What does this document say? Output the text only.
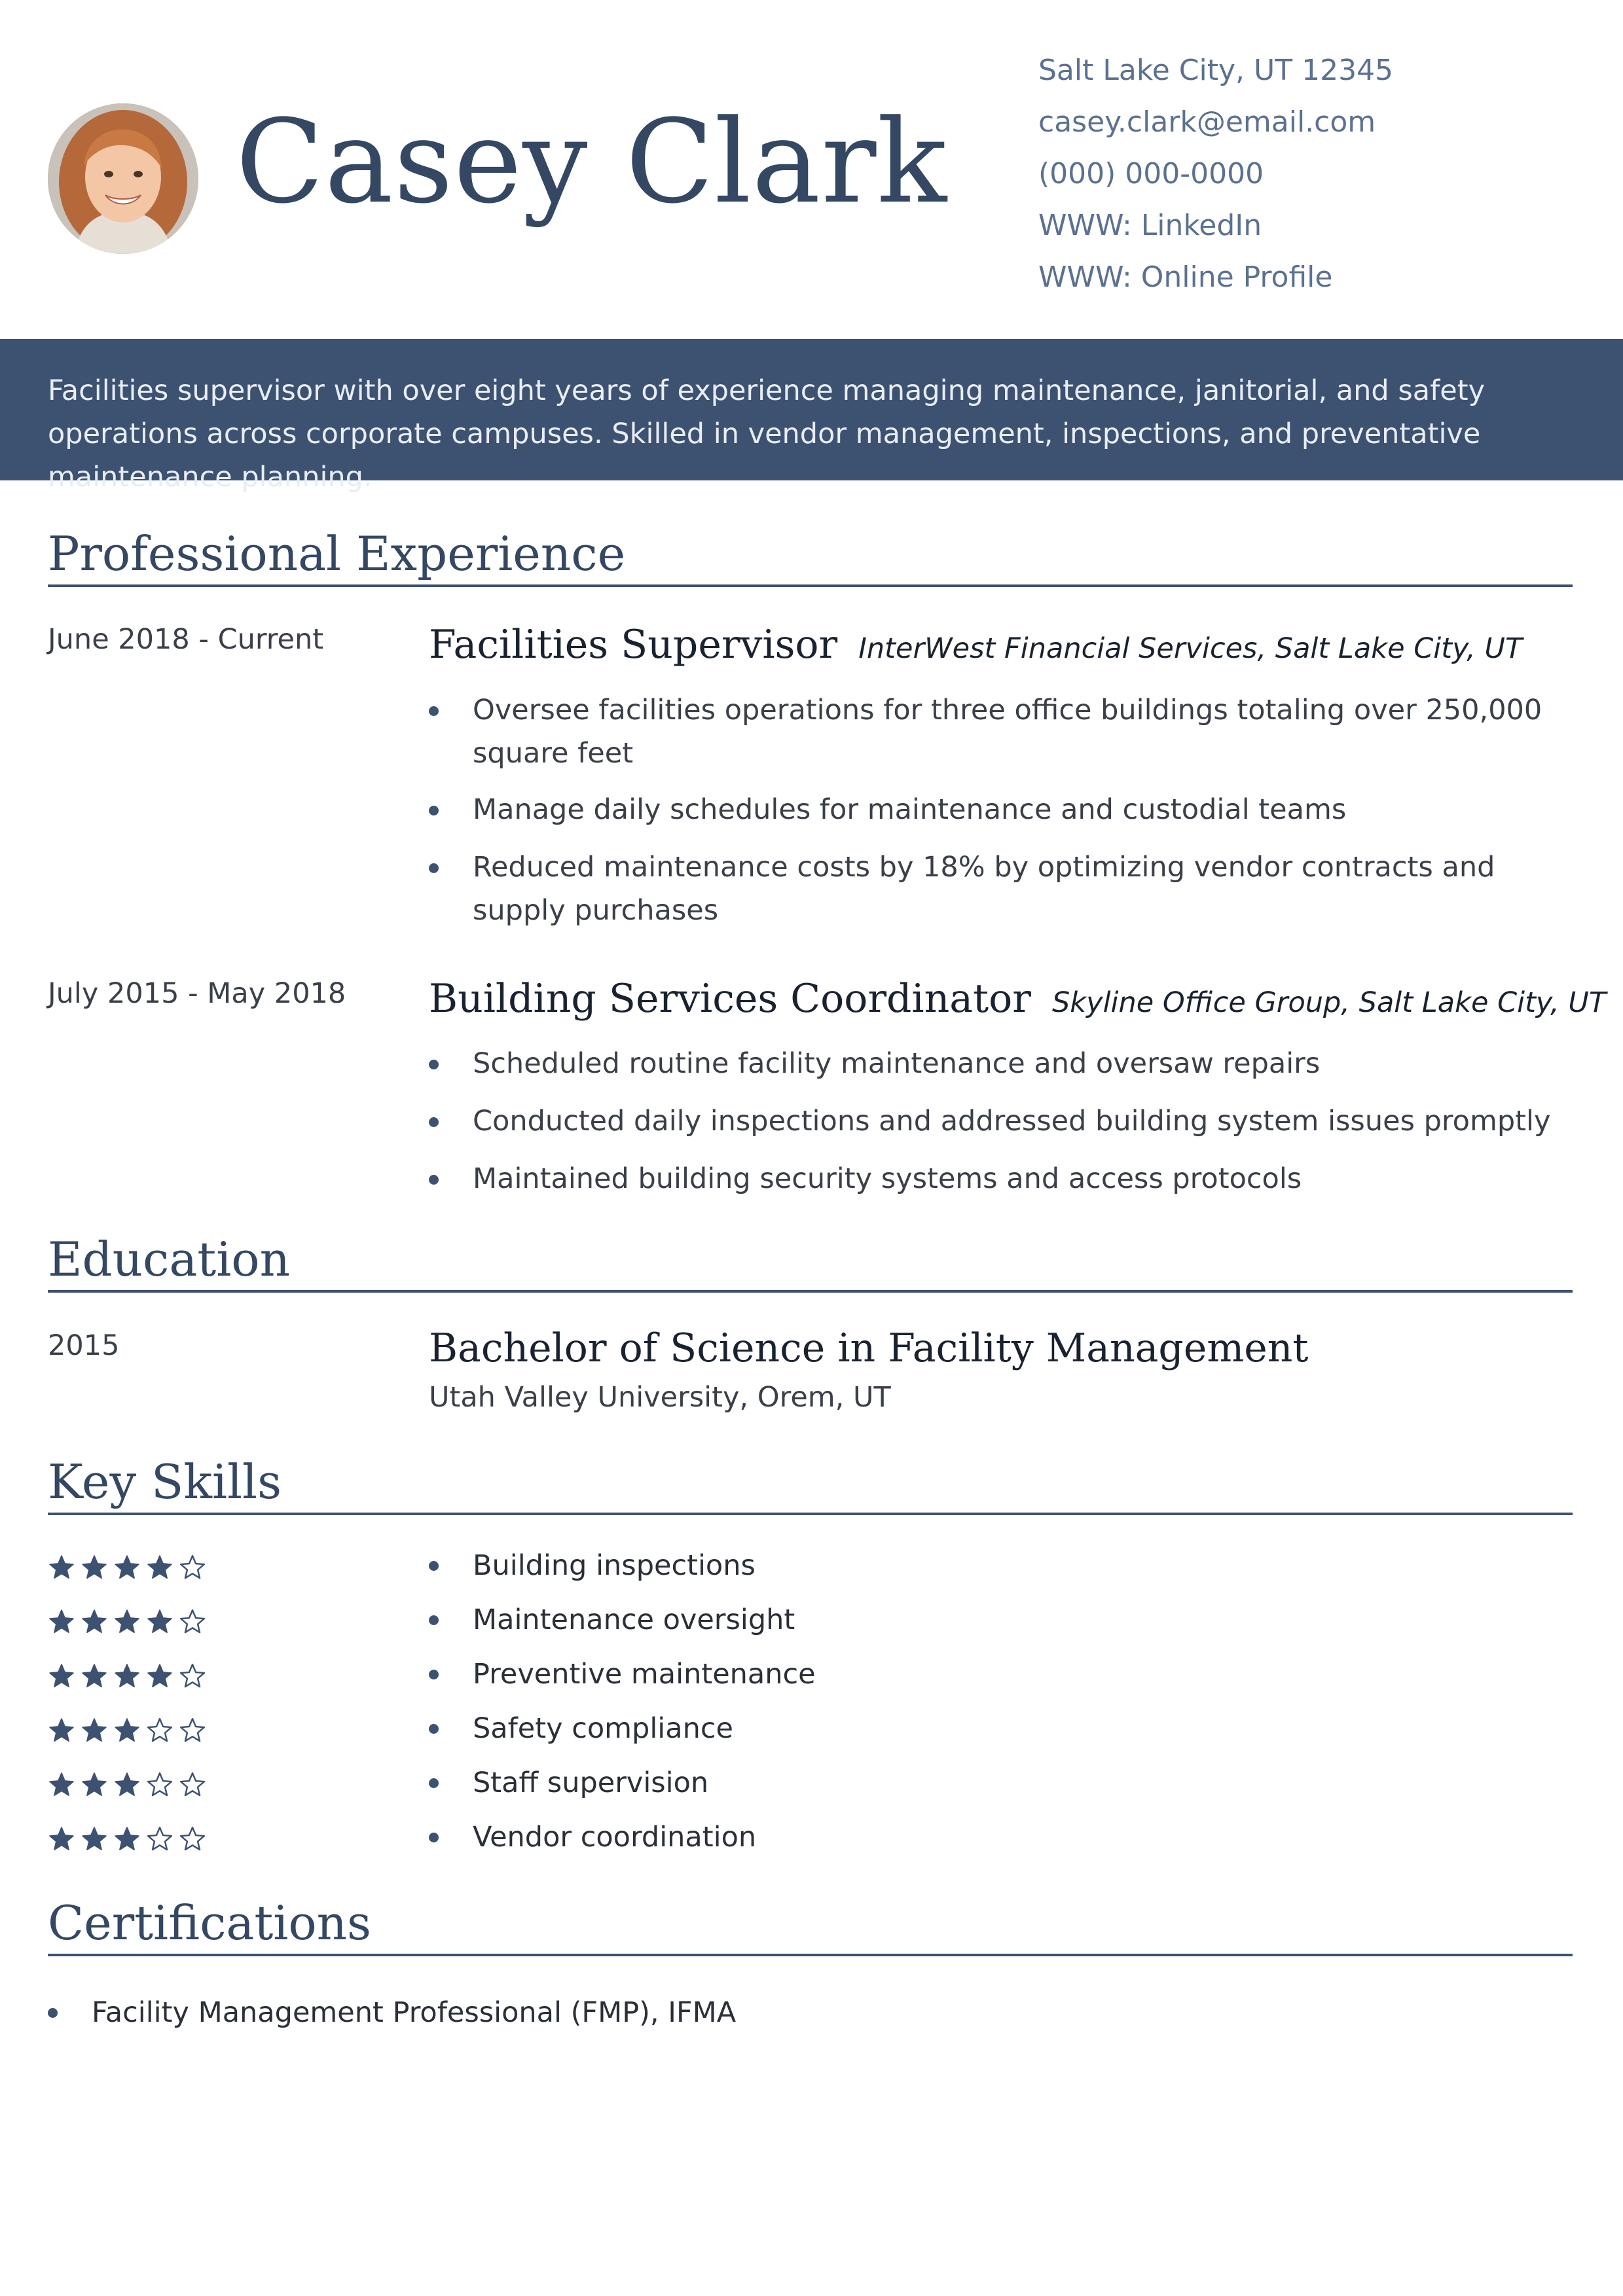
Casey Clark
Salt Lake City, UT 12345
casey.clark@email.com
(000) 000-0000
WWW: LinkedIn
WWW: Online Profile

Facilities supervisor with over eight years of experience managing maintenance, janitorial, and safety operations across corporate campuses. Skilled in vendor management, inspections, and preventative maintenance planning.

Professional Experience
June 2018 - Current	Facilities Supervisor InterWest Financial Services, Salt Lake City, UT
Oversee facilities operations for three office buildings totaling over 250,000 square feet
Manage daily schedules for maintenance and custodial teams
Reduced maintenance costs by 18% by optimizing vendor contracts and supply purchases
July 2015 - May 2018 Building Services Coordinator Skyline Office Group, Salt Lake City, UT
Scheduled routine facility maintenance and oversaw repairs
Conducted daily inspections and addressed building system issues promptly
Maintained building security systems and access protocols
Education
2015	Bachelor of Science in Facility Management
Utah Valley University, Orem, UT
Key Skills
Building inspections
Maintenance oversight
Preventive maintenance
Safety compliance
Staff supervision
Vendor coordination
Certifications
Facility Management Professional (FMP), IFMA
